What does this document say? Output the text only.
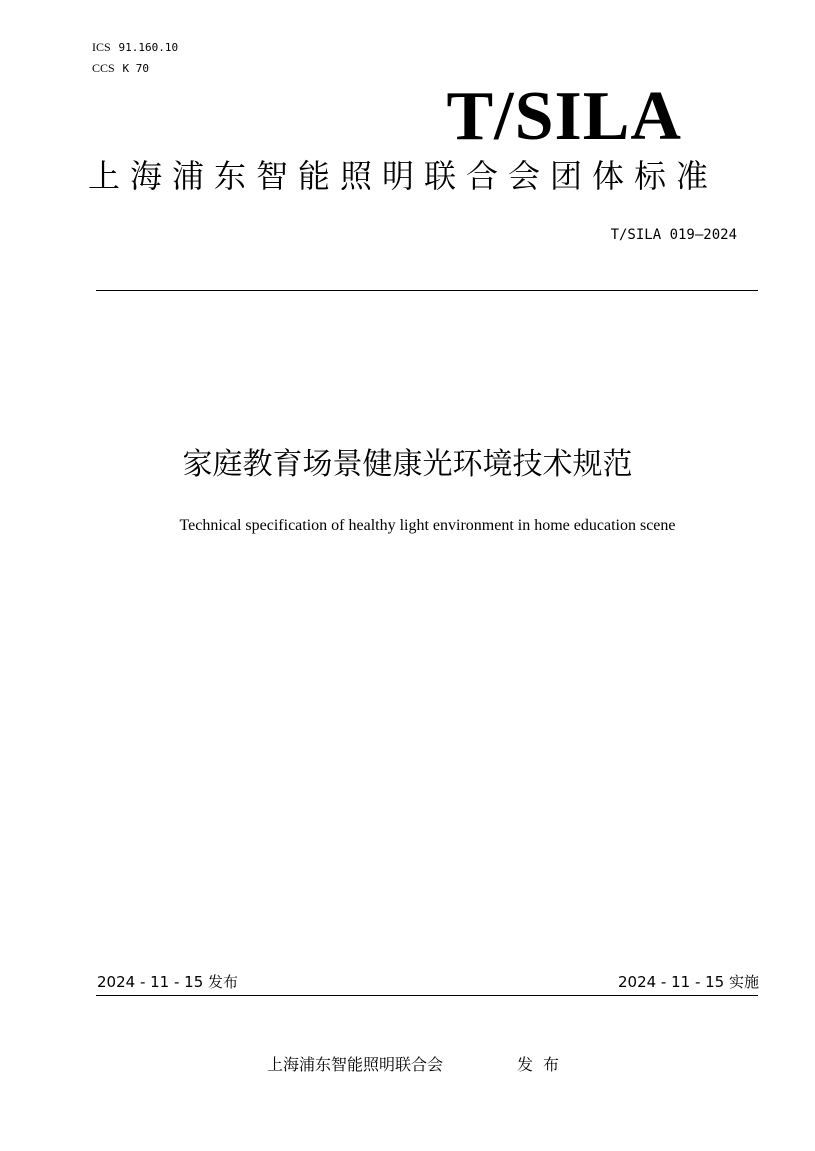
ICS 91.160.10
CCS K 70
T/SILA
上海浦东智能照明联合会团体标准
T/SILA 019—2024
家庭教育场景健康光环境技术规范
Technical specification of healthy light environment in home education scene
2024 - 11 - 15 发布	2024 - 11 - 15 实施
上海浦东智能照明联合会	发布
